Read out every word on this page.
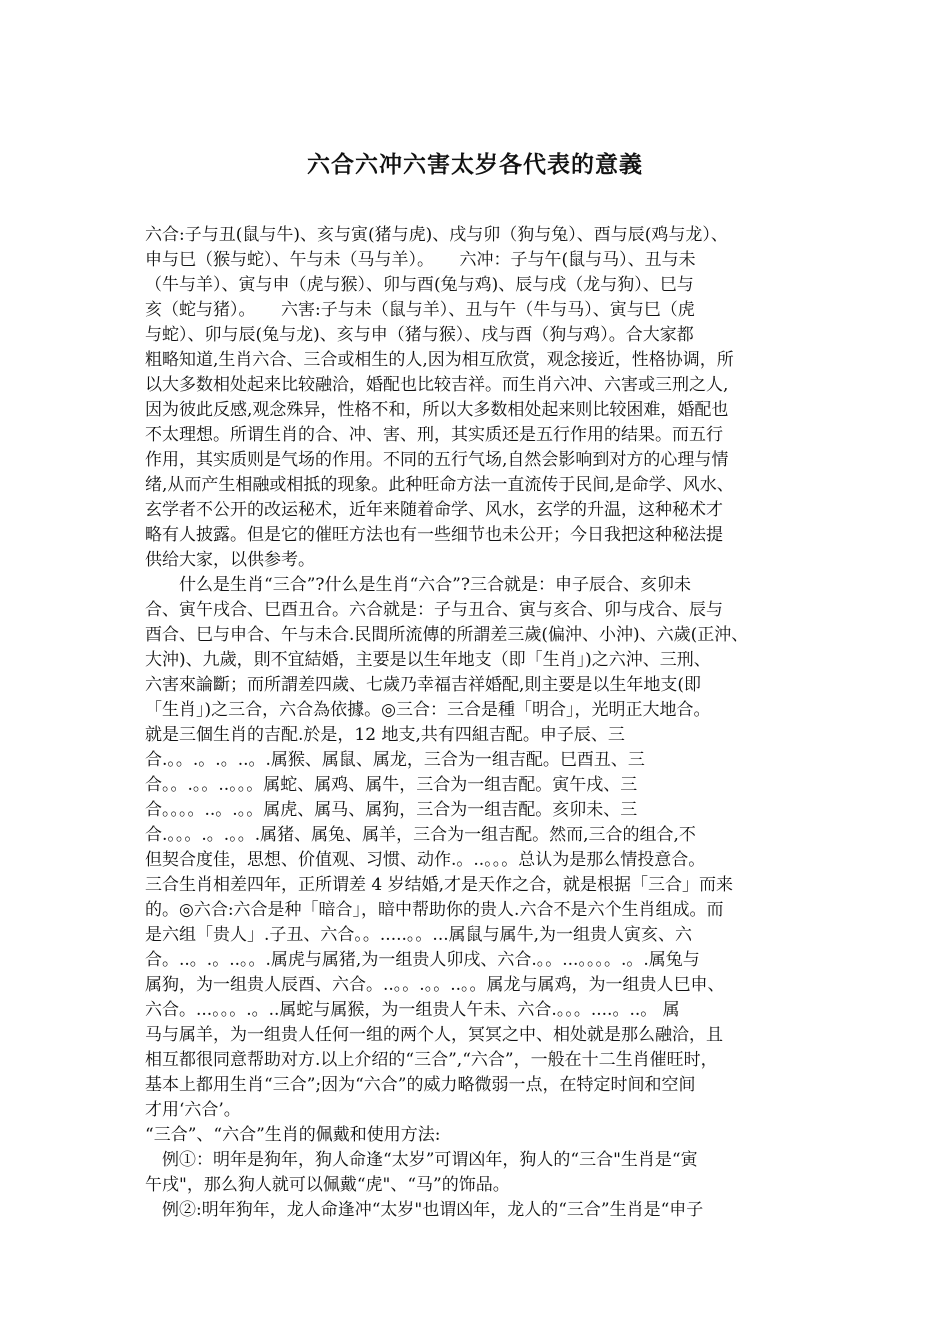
六合六冲六害太岁各代表的意義
六合:子与丑(鼠与牛)、亥与寅(猪与虎)、戌与卯（狗与兔）、酉与辰(鸡与龙）、
申与巳（猴与蛇）、午与未（马与羊）。　　六冲：子与午(鼠与马）、丑与未
（牛与羊）、寅与申（虎与猴）、卯与酉(兔与鸡)、辰与戌（龙与狗）、巳与
亥（蛇与猪）。　　六害:子与未（鼠与羊）、丑与午（牛与马）、寅与巳（虎
与蛇）、卯与辰(兔与龙)、亥与申（猪与猴）、戌与酉（狗与鸡）。合大家都
粗略知道,生肖六合、三合或相生的人,因为相互欣赏，观念接近，性格协调，所
以大多数相处起来比较融洽，婚配也比较吉祥。而生肖六冲、六害或三刑之人,
因为彼此反感,观念殊异，性格不和，所以大多数相处起来则比较困难，婚配也
不太理想。所谓生肖的合、冲、害、刑，其实质还是五行作用的结果。而五行
作用，其实质则是气场的作用。不同的五行气场,自然会影响到对方的心理与情
绪,从而产生相融或相抵的现象。此种旺命方法一直流传于民间,是命学、风水、
玄学者不公开的改运秘术，近年来随着命学、风水，玄学的升温，这种秘术才
略有人披露。但是它的催旺方法也有一些细节也未公开；今日我把这种秘法提
供给大家，以供参考。
　　什么是生肖“三合”?什么是生肖“六合”?三合就是：申子辰合、亥卯未
合、寅午戌合、巳酉丑合。六合就是：子与丑合、寅与亥合、卯与戌合、辰与
酉合、巳与申合、午与未合.民間所流傳的所謂差三歲(偏沖、小沖)、六歲(正沖、
大沖)、九歲，則不宜結婚，主要是以生年地支（即「生肖」)之六沖、三刑、
六害來論斷；而所謂差四歲、七歲乃幸福吉祥婚配,則主要是以生年地支(即
「生肖」)之三合，六合為依據。◎三合：三合是種「明合」，光明正大地合。
就是三個生肖的吉配.於是，12 地支,共有四組吉配。申子辰、三
合.。。.。.。..。.属猴、属鼠、属龙，三合为一组吉配。巳酉丑、三
合。。.。。..。。。属蛇、属鸡、属牛，三合为一组吉配。寅午戌、三
合。。。。..。.。。属虎、属马、属狗，三合为一组吉配。亥卯未、三
合.。。。.。.。。.属猪、属兔、属羊，三合为一组吉配。然而,三合的组合,不
但契合度佳，思想、价值观、习惯、动作.。..。。。总认为是那么情投意合。
三合生肖相差四年，正所谓差 4 岁结婚,才是天作之合，就是根据「三合」而来
的。◎六合:六合是种「暗合」，暗中帮助你的贵人.六合不是六个生肖组成。而
是六组「贵人」.子丑、六合。。.....。。...属鼠与属牛,为一组贵人寅亥、六
合。..。.。..。。.属虎与属猪,为一组贵人卯戌、六合.。。...。。。。.。.属兔与
属狗，为一组贵人辰酉、六合。..。。.。。..。。属龙与属鸡，为一组贵人巳申、
六合。...。。。.。..属蛇与属猴，为一组贵人午未、六合.。。。....。..。 属
马与属羊，为一组贵人任何一组的两个人，冥冥之中、相处就是那么融洽，且
相互都很同意帮助对方.以上介绍的“三合”,“六合”，一般在十二生肖催旺时，
基本上都用生肖“三合”;因为“六合”的威力略微弱一点，在特定时间和空间
才用‘六合’。
“三合”、“六合”生肖的佩戴和使用方法:
　例①：明年是狗年，狗人命逢“太岁”可谓凶年，狗人的“三合"生肖是“寅
午戌"，那么狗人就可以佩戴“虎"、“马”的饰品。
　例②:明年狗年，龙人命逢冲“太岁"也谓凶年，龙人的“三合”生肖是“申子
